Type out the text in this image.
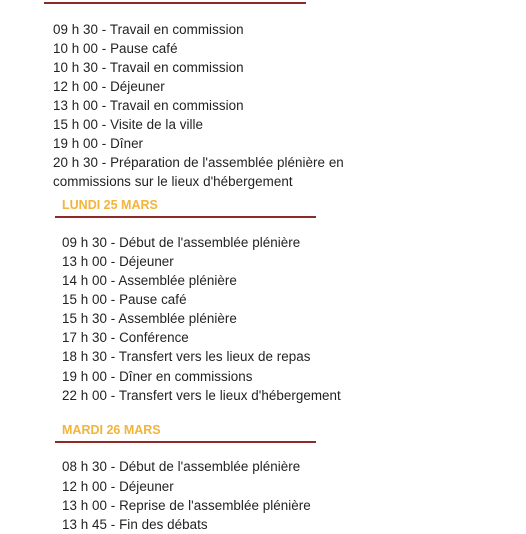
09 h 30 - Travail en commission
10 h 00 - Pause café
10 h 30 - Travail en commission
12 h 00 - Déjeuner
13 h 00 - Travail en commission
15 h 00 - Visite de la ville
19 h 00 - Dîner
20 h 30 - Préparation de l'assemblée plénière en
commissions sur le lieux d'hébergement
LUNDI 25 MARS
09 h 30 - Début de l'assemblée plénière
13 h 00 - Déjeuner
14 h 00 - Assemblée plénière
15 h 00 - Pause café
15 h 30 - Assemblée plénière
17 h 30 - Conférence
18 h 30 - Transfert vers les lieux de repas
19 h 00 - Dîner en commissions
22 h 00 - Transfert vers le lieux d'hébergement
MARDI 26 MARS
08 h 30 - Début de l'assemblée plénière
12 h 00 - Déjeuner
13 h 00 - Reprise de l'assemblée plénière
13 h 45 - Fin des débats
